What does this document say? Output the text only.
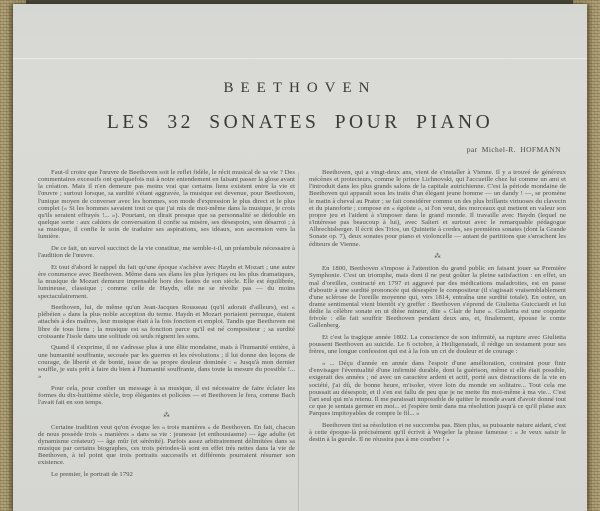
BEETHOVEN
LES 32 SONATES POUR PIANO
par Michel-R. HOFMANN

Faut-il croire que l'œuvre de Beethoven soit le reflet fidèle, le récit musical de sa vie ? Des commentaires excessifs ont quelquefois nui à notre entendement en faisant passer la glose avant la création. Mais il n'en demeure pas moins vrai que certains liens existent entre la vie et l'œuvre ; surtout lorsque, sa surdité s'étant aggravée, la musique est devenue, pour Beethoven, l'unique moyen de converser avec les hommes, son mode d'expression le plus direct et le plus complet (« Si les hommes savaient tout ce que j'ai mis de moi-même dans la musique, je crois qu'ils seraient effrayés !... »). Pourtant, on dirait presque que sa personnalité se dédouble en quelque sorte : aux cahiers de conversation il confie sa misère, ses désespoirs, son désarroi ; à sa musique, il confie le soin de traduire ses aspirations, ses idéaux, son ascension vers la lumière.

De ce fait, un survol succinct de la vie constitue, me semble-t-il, un préambule nécessaire à l'audition de l'œuvre.

Et tout d'abord le rappel du fait qu'une époque s'achève avec Haydn et Mozart ; une autre ère commence avec Beethoven. Même dans ses élans les plus lyriques ou les plus dramatiques, la musique de Mozart demeure impensable hors des fastes de son siècle. Elle est équilibrée, lumineuse, classique ; comme celle de Haydn, elle ne se révolte pas — du moins spectaculairement.

Beethoven, lui, de même qu'un Jean-Jacques Rousseau (qu'il adorait d'ailleurs), est « plébéien » dans la plus noble acception du terme. Haydn et Mozart portaient perruque, étaient attachés à des maîtres, leur musique était à la fois fonction et emploi. Tandis que Beethoven est libre de tous liens ; la musique est sa fonction parce qu'il est né compositeur ; sa surdité croissante l'isole dans une solitude où seuls règnent les sons.

Quand il s'exprime, il ne s'adresse plus à une élite mondaine, mais à l'humanité entière, à une humanité souffrante, secouée par les guerres et les révolutions ; il lui donne des leçons de courage, de liberté et de bonté, issue de sa propre douleur dominée : « Jusqu'à mon dernier souffle, je suis prêt à faire du bien à l'humanité souffrante, dans toute la mesure du possible !... »

Pour cela, pour confier un message à sa musique, il est nécessaire de faire éclater les formes du dix-huitième siècle, trop élégantes et policées — et Beethoven le fera, comme Bach l'avait fait en son temps.

⁂

Certaine tradition veut qu'on évoque les « trois manières » de Beethoven. En fait, chacun de nous possède trois « manières » dans sa vie : jeunesse (et enthousiasme) — âge adulte (et dynamisme créateur) — âge mûr (et sérénité). Parfois assez arbitrairement délimitées dans sa musique par certains biographes, ces trois périodes-là sont en effet très nettes dans la vie de Beethoven, à tel point que trois portraits successifs et différents pourraient résumer son existence.

Le premier, le portrait de 1792

Beethoven, qui a vingt-deux ans, vient de s'installer à Vienne. Il y a trouvé de généreux mécènes et protecteurs, comme le prince Lichnovski, qui l'accueille chez lui comme un ami et l'introduit dans les plus grands salons de la capitale autrichienne. C'est la période mondaine de Beethoven qui apparaît sous les traits d'un élégant jeune homme — un dandy ! —, se promène le matin à cheval au Prater ; se fait considérer comme un des plus brillants virtuoses du clavecin et du pianoforte ; compose en « égoïste », si l'on veut, des morceaux qui mettent en valeur son propre jeu et l'aident à s'imposer dans le grand monde. Il travaille avec Haydn (lequel ne s'intéresse pas beaucoup à lui), avec Salieri et surtout avec le remarquable pédagogue Albrechtsberger. Il écrit des Trios, un Quintette à cordes, ses premières sonates (dont la Grande Sonate op. 7), deux sonates pour piano et violoncelle — autant de partitions que s'arrachent les éditeurs de Vienne.

⁂

En 1800, Beethoven s'impose à l'attention du grand public en faisant jouer sa Première Symphonie. C'est un triomphe, mais dont il ne peut goûter la pleine satisfaction : en effet, un mal d'oreilles, contracté en 1797 et aggravé par des médications maladroites, est en passe d'aboutir à une surdité prononcée qui désespère le compositeur (il s'agissait vraisemblablement d'une sclérose de l'oreille moyenne qui, vers 1814, entraîna une surdité totale). En outre, un drame sentimental vient bientôt s'y greffer : Beethoven s'éprend de Giulietta Guicciardi et lui dédie la célèbre sonate en ut dièse mineur, dite « Clair de lune ». Giulietta est une coquette frivole : elle fait souffrir Beethoven pendant deux ans, et, finalement, épouse le comte Gallenberg.

Et c'est la tragique année 1802. La conscience de son infirmité, sa rupture avec Giulietta poussent Beethoven au suicide. Le 6 octobre, à Heiligenstadt, il rédige un testament pour ses frères, une longue confession qui est à la fois un cri de douleur et de courage :

« ... Déçu d'année en année dans l'espoir d'une amélioration, contraint pour finir d'envisager l'éventualité d'une infirmité durable, dont la guérison, même si elle était possible, exigerait des années ; né avec un caractère ardent et actif, porté aux distractions de la vie en société, j'ai dû, de bonne heure, m'isoler, vivre loin du monde en solitaire... Tout cela me poussait au désespoir, et il s'en est fallu de peu que je ne mette fin moi-même à ma vie... C'est l'art seul qui m'a retenu. Il me paraissait impossible de quitter le monde avant d'avoir donné tout ce que je sentais germer en moi... et j'espère tenir dans ma résolution jusqu'à ce qu'il plaise aux Parques impitoyables de rompre le fil... »

Beethoven tint sa résolution et ne succomba pas. Bien plus, sa puissante nature aidant, c'est à cette époque-là précisément qu'il écrivit à Wegeler la phrase fameuse : « Je veux saisir le destin à la gueule. Il ne réussira pas à me courber ! »
